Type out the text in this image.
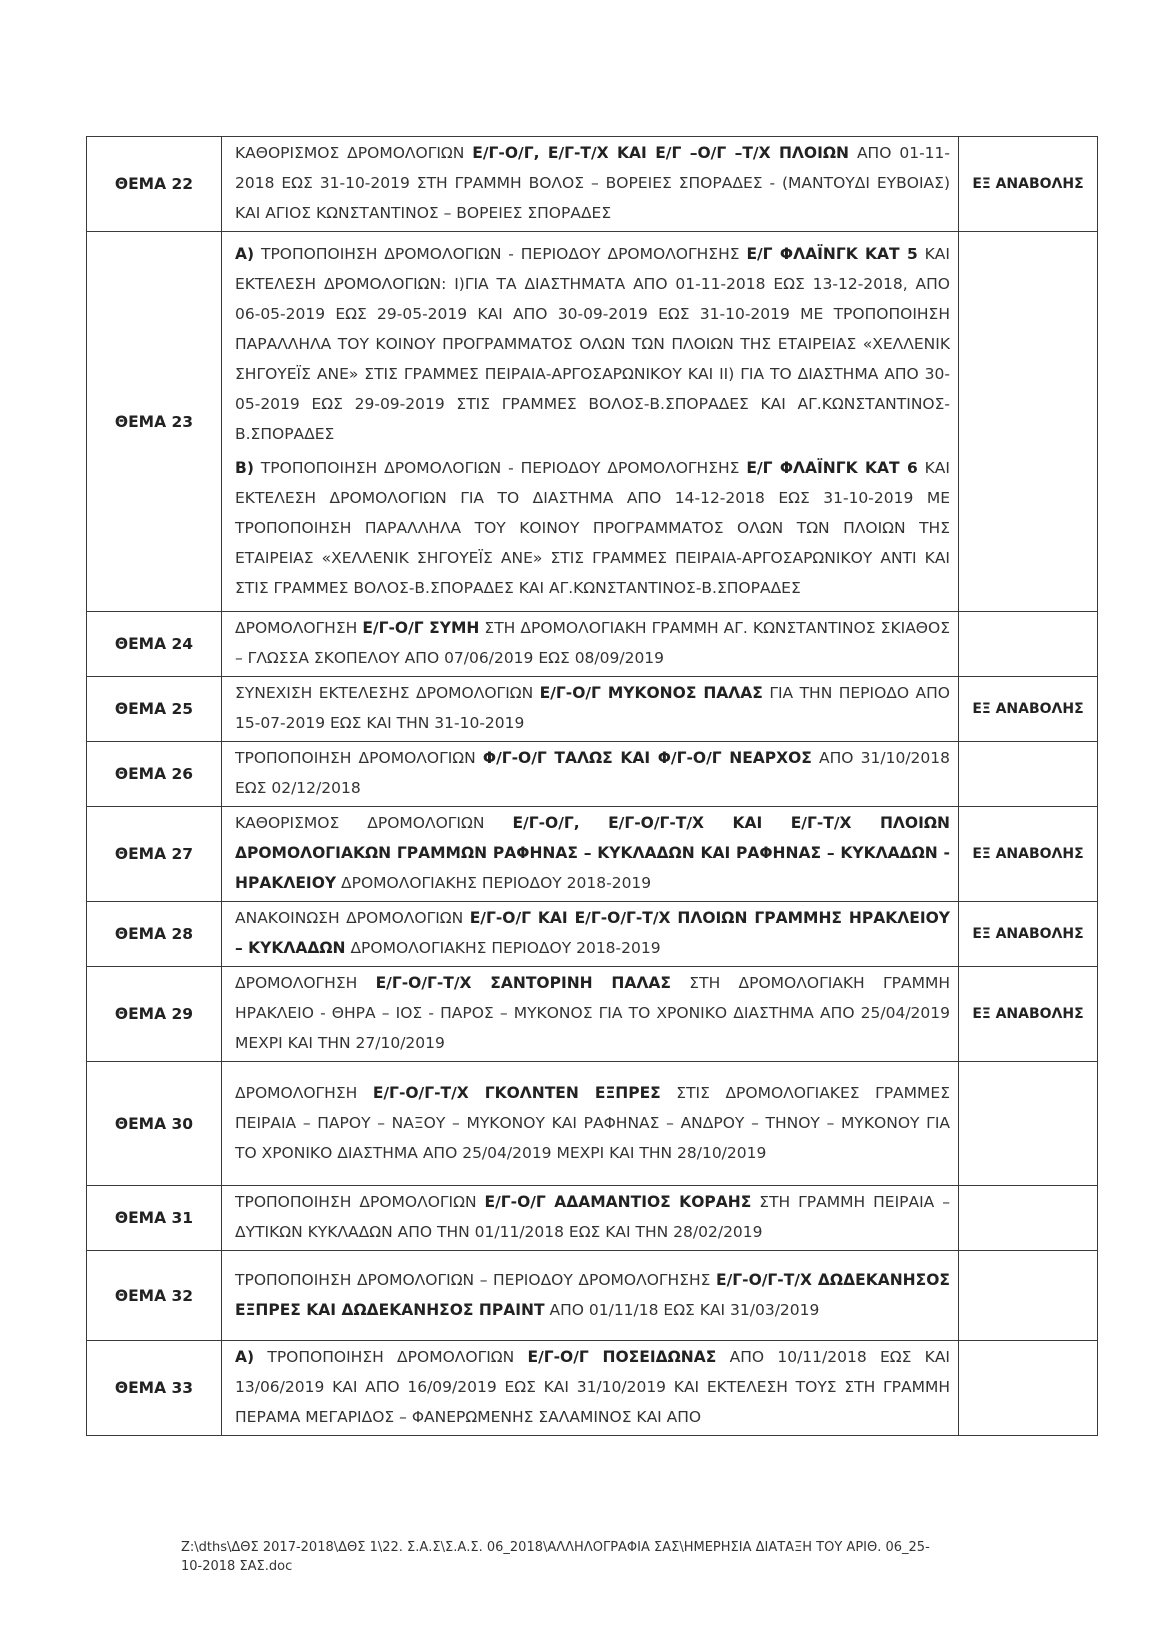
ΘΕΜΑ 22	ΚΑΘΟΡΙΣΜΟΣ ΔΡΟΜΟΛΟΓΙΩΝ Ε/Γ-Ο/Γ, Ε/Γ-Τ/Χ ΚΑΙ Ε/Γ –Ο/Γ –Τ/Χ ΠΛΟΙΩΝ ΑΠΟ 01-11-2018 ΕΩΣ 31-10-2019 ΣΤΗ ΓΡΑΜΜΗ ΒΟΛΟΣ – ΒΟΡΕΙΕΣ ΣΠΟΡΑΔΕΣ - (ΜΑΝΤΟΥΔΙ ΕΥΒΟΙΑΣ) ΚΑΙ ΑΓΙΟΣ ΚΩΝΣΤΑΝΤΙΝΟΣ – ΒΟΡΕΙΕΣ ΣΠΟΡΑΔΕΣ	ΕΞ ΑΝΑΒΟΛΗΣ
ΘΕΜΑ 23	Α) ΤΡΟΠΟΠΟΙΗΣΗ ΔΡΟΜΟΛΟΓΙΩΝ - ΠΕΡΙΟΔΟΥ ΔΡΟΜΟΛΟΓΗΣΗΣ Ε/Γ ΦΛΑΪΝΓΚ ΚΑΤ 5 ΚΑΙ ΕΚΤΕΛΕΣΗ ΔΡΟΜΟΛΟΓΙΩΝ: Ι)ΓΙΑ ΤΑ ΔΙΑΣΤΗΜΑΤΑ ΑΠΟ 01-11-2018 ΕΩΣ 13-12-2018, ΑΠΟ 06-05-2019 ΕΩΣ 29-05-2019 ΚΑΙ ΑΠΟ 30-09-2019 ΕΩΣ 31-10-2019 ΜΕ ΤΡΟΠΟΠΟΙΗΣΗ ΠΑΡΑΛΛΗΛΑ ΤΟΥ ΚΟΙΝΟΥ ΠΡΟΓΡΑΜΜΑΤΟΣ ΟΛΩΝ ΤΩΝ ΠΛΟΙΩΝ ΤΗΣ ΕΤΑΙΡΕΙΑΣ «ΧΕΛΛΕΝΙΚ ΣΗΓΟΥΕΪΣ ΑΝΕ» ΣΤΙΣ ΓΡΑΜΜΕΣ ΠΕΙΡΑΙΑ-ΑΡΓΟΣΑΡΩΝΙΚΟΥ ΚΑΙ ΙΙ) ΓΙΑ ΤΟ ΔΙΑΣΤΗΜΑ ΑΠΟ 30-05-2019 ΕΩΣ 29-09-2019 ΣΤΙΣ ΓΡΑΜΜΕΣ ΒΟΛΟΣ-Β.ΣΠΟΡΑΔΕΣ ΚΑΙ ΑΓ.ΚΩΝΣΤΑΝΤΙΝΟΣ-Β.ΣΠΟΡΑΔΕΣ
Β) ΤΡΟΠΟΠΟΙΗΣΗ ΔΡΟΜΟΛΟΓΙΩΝ - ΠΕΡΙΟΔΟΥ ΔΡΟΜΟΛΟΓΗΣΗΣ Ε/Γ ΦΛΑΪΝΓΚ ΚΑΤ 6 ΚΑΙ ΕΚΤΕΛΕΣΗ ΔΡΟΜΟΛΟΓΙΩΝ ΓΙΑ ΤΟ ΔΙΑΣΤΗΜΑ ΑΠΟ 14-12-2018 ΕΩΣ 31-10-2019 ΜΕ ΤΡΟΠΟΠΟΙΗΣΗ ΠΑΡΑΛΛΗΛΑ ΤΟΥ ΚΟΙΝΟΥ ΠΡΟΓΡΑΜΜΑΤΟΣ ΟΛΩΝ ΤΩΝ ΠΛΟΙΩΝ ΤΗΣ ΕΤΑΙΡΕΙΑΣ «ΧΕΛΛΕΝΙΚ ΣΗΓΟΥΕΪΣ ΑΝΕ» ΣΤΙΣ ΓΡΑΜΜΕΣ ΠΕΙΡΑΙΑ-ΑΡΓΟΣΑΡΩΝΙΚΟΥ ΑΝΤΙ ΚΑΙ ΣΤΙΣ ΓΡΑΜΜΕΣ ΒΟΛΟΣ-Β.ΣΠΟΡΑΔΕΣ ΚΑΙ ΑΓ.ΚΩΝΣΤΑΝΤΙΝΟΣ-Β.ΣΠΟΡΑΔΕΣ	

ΘΕΜΑ 24	ΔΡΟΜΟΛΟΓΗΣΗ Ε/Γ-Ο/Γ ΣΥΜΗ ΣΤΗ ΔΡΟΜΟΛΟΓΙΑΚΗ ΓΡΑΜΜΗ ΑΓ. ΚΩΝΣΤΑΝΤΙΝΟΣ ΣΚΙΑΘΟΣ – ΓΛΩΣΣΑ ΣΚΟΠΕΛΟΥ ΑΠΟ 07/06/2019 ΕΩΣ 08/09/2019	

ΘΕΜΑ 25	ΣΥΝΕΧΙΣΗ ΕΚΤΕΛΕΣΗΣ ΔΡΟΜΟΛΟΓΙΩΝ Ε/Γ-Ο/Γ ΜΥΚΟΝΟΣ ΠΑΛΑΣ ΓΙΑ ΤΗΝ ΠΕΡΙΟΔΟ ΑΠΟ 15-07-2019 ΕΩΣ ΚΑΙ ΤΗΝ 31-10-2019	ΕΞ ΑΝΑΒΟΛΗΣ
ΘΕΜΑ 26	ΤΡΟΠΟΠΟΙΗΣΗ ΔΡΟΜΟΛΟΓΙΩΝ Φ/Γ-Ο/Γ ΤΑΛΩΣ ΚΑΙ Φ/Γ-Ο/Γ ΝΕΑΡΧΟΣ ΑΠΟ 31/10/2018 ΕΩΣ 02/12/2018	

ΘΕΜΑ 27	ΚΑΘΟΡΙΣΜΟΣ ΔΡΟΜΟΛΟΓΙΩΝ Ε/Γ-Ο/Γ, Ε/Γ-Ο/Γ-Τ/Χ ΚΑΙ Ε/Γ-Τ/Χ ΠΛΟΙΩΝ ΔΡΟΜΟΛΟΓΙΑΚΩΝ ΓΡΑΜΜΩΝ ΡΑΦΗΝΑΣ – ΚΥΚΛΑΔΩΝ ΚΑΙ ΡΑΦΗΝΑΣ – ΚΥΚΛΑΔΩΝ - ΗΡΑΚΛΕΙΟΥ ΔΡΟΜΟΛΟΓΙΑΚΗΣ ΠΕΡΙΟΔΟΥ 2018-2019	ΕΞ ΑΝΑΒΟΛΗΣ
ΘΕΜΑ 28	ΑΝΑΚΟΙΝΩΣΗ ΔΡΟΜΟΛΟΓΙΩΝ Ε/Γ-Ο/Γ ΚΑΙ Ε/Γ-Ο/Γ-Τ/Χ ΠΛΟΙΩΝ ΓΡΑΜΜΗΣ ΗΡΑΚΛΕΙΟΥ – ΚΥΚΛΑΔΩΝ ΔΡΟΜΟΛΟΓΙΑΚΗΣ ΠΕΡΙΟΔΟΥ 2018-2019	ΕΞ ΑΝΑΒΟΛΗΣ
ΘΕΜΑ 29	ΔΡΟΜΟΛΟΓΗΣΗ Ε/Γ-Ο/Γ-Τ/Χ ΣΑΝΤΟΡΙΝΗ ΠΑΛΑΣ ΣΤΗ ΔΡΟΜΟΛΟΓΙΑΚΗ ΓΡΑΜΜΗ ΗΡΑΚΛΕΙΟ - ΘΗΡΑ – ΙΟΣ - ΠΑΡΟΣ – ΜΥΚΟΝΟΣ ΓΙΑ ΤΟ ΧΡΟΝΙΚΟ ΔΙΑΣΤΗΜΑ ΑΠΟ 25/04/2019 ΜΕΧΡΙ ΚΑΙ ΤΗΝ 27/10/2019	ΕΞ ΑΝΑΒΟΛΗΣ
ΘΕΜΑ 30	ΔΡΟΜΟΛΟΓΗΣΗ Ε/Γ-Ο/Γ-Τ/Χ ΓΚΟΛΝΤΕΝ ΕΞΠΡΕΣ ΣΤΙΣ ΔΡΟΜΟΛΟΓΙΑΚΕΣ ΓΡΑΜΜΕΣ ΠΕΙΡΑΙΑ – ΠΑΡΟΥ – ΝΑΞΟΥ – ΜΥΚΟΝΟΥ ΚΑΙ ΡΑΦΗΝΑΣ – ΑΝΔΡΟΥ – ΤΗΝΟΥ – ΜΥΚΟΝΟΥ ΓΙΑ ΤΟ ΧΡΟΝΙΚΟ ΔΙΑΣΤΗΜΑ ΑΠΟ 25/04/2019 ΜΕΧΡΙ ΚΑΙ ΤΗΝ 28/10/2019	

ΘΕΜΑ 31	ΤΡΟΠΟΠΟΙΗΣΗ ΔΡΟΜΟΛΟΓΙΩΝ Ε/Γ-Ο/Γ ΑΔΑΜΑΝΤΙΟΣ ΚΟΡΑΗΣ ΣΤΗ ΓΡΑΜΜΗ ΠΕΙΡΑΙΑ – ΔΥΤΙΚΩΝ ΚΥΚΛΑΔΩΝ ΑΠΟ ΤΗΝ 01/11/2018 ΕΩΣ ΚΑΙ ΤΗΝ 28/02/2019	

ΘΕΜΑ 32	ΤΡΟΠΟΠΟΙΗΣΗ ΔΡΟΜΟΛΟΓΙΩΝ – ΠΕΡΙΟΔΟΥ ΔΡΟΜΟΛΟΓΗΣΗΣ Ε/Γ-Ο/Γ-Τ/Χ ΔΩΔΕΚΑΝΗΣΟΣ ΕΞΠΡΕΣ ΚΑΙ ΔΩΔΕΚΑΝΗΣΟΣ ΠΡΑΙΝΤ ΑΠΟ 01/11/18 ΕΩΣ ΚΑΙ 31/03/2019	

ΘΕΜΑ 33	Α) ΤΡΟΠΟΠΟΙΗΣΗ ΔΡΟΜΟΛΟΓΙΩΝ Ε/Γ-Ο/Γ ΠΟΣΕΙΔΩΝΑΣ ΑΠΟ 10/11/2018 ΕΩΣ ΚΑΙ 13/06/2019 ΚΑΙ ΑΠΟ 16/09/2019 ΕΩΣ ΚΑΙ 31/10/2019 ΚΑΙ ΕΚΤΕΛΕΣΗ ΤΟΥΣ ΣΤΗ ΓΡΑΜΜΗ ΠΕΡΑΜΑ ΜΕΓΑΡΙΔΟΣ – ΦΑΝΕΡΩΜΕΝΗΣ ΣΑΛΑΜΙΝΟΣ ΚΑΙ ΑΠΟ	

Z:\dths\ΔΘΣ 2017-2018\ΔΘΣ 1\22. Σ.Α.Σ\Σ.Α.Σ. 06_2018\ΑΛΛΗΛΟΓΡΑΦΙΑ ΣΑΣ\ΗΜΕΡΗΣΙΑ ΔΙΑΤΑΞΗ ΤΟΥ ΑΡΙΘ. 06_25-
10-2018 ΣΑΣ.doc
